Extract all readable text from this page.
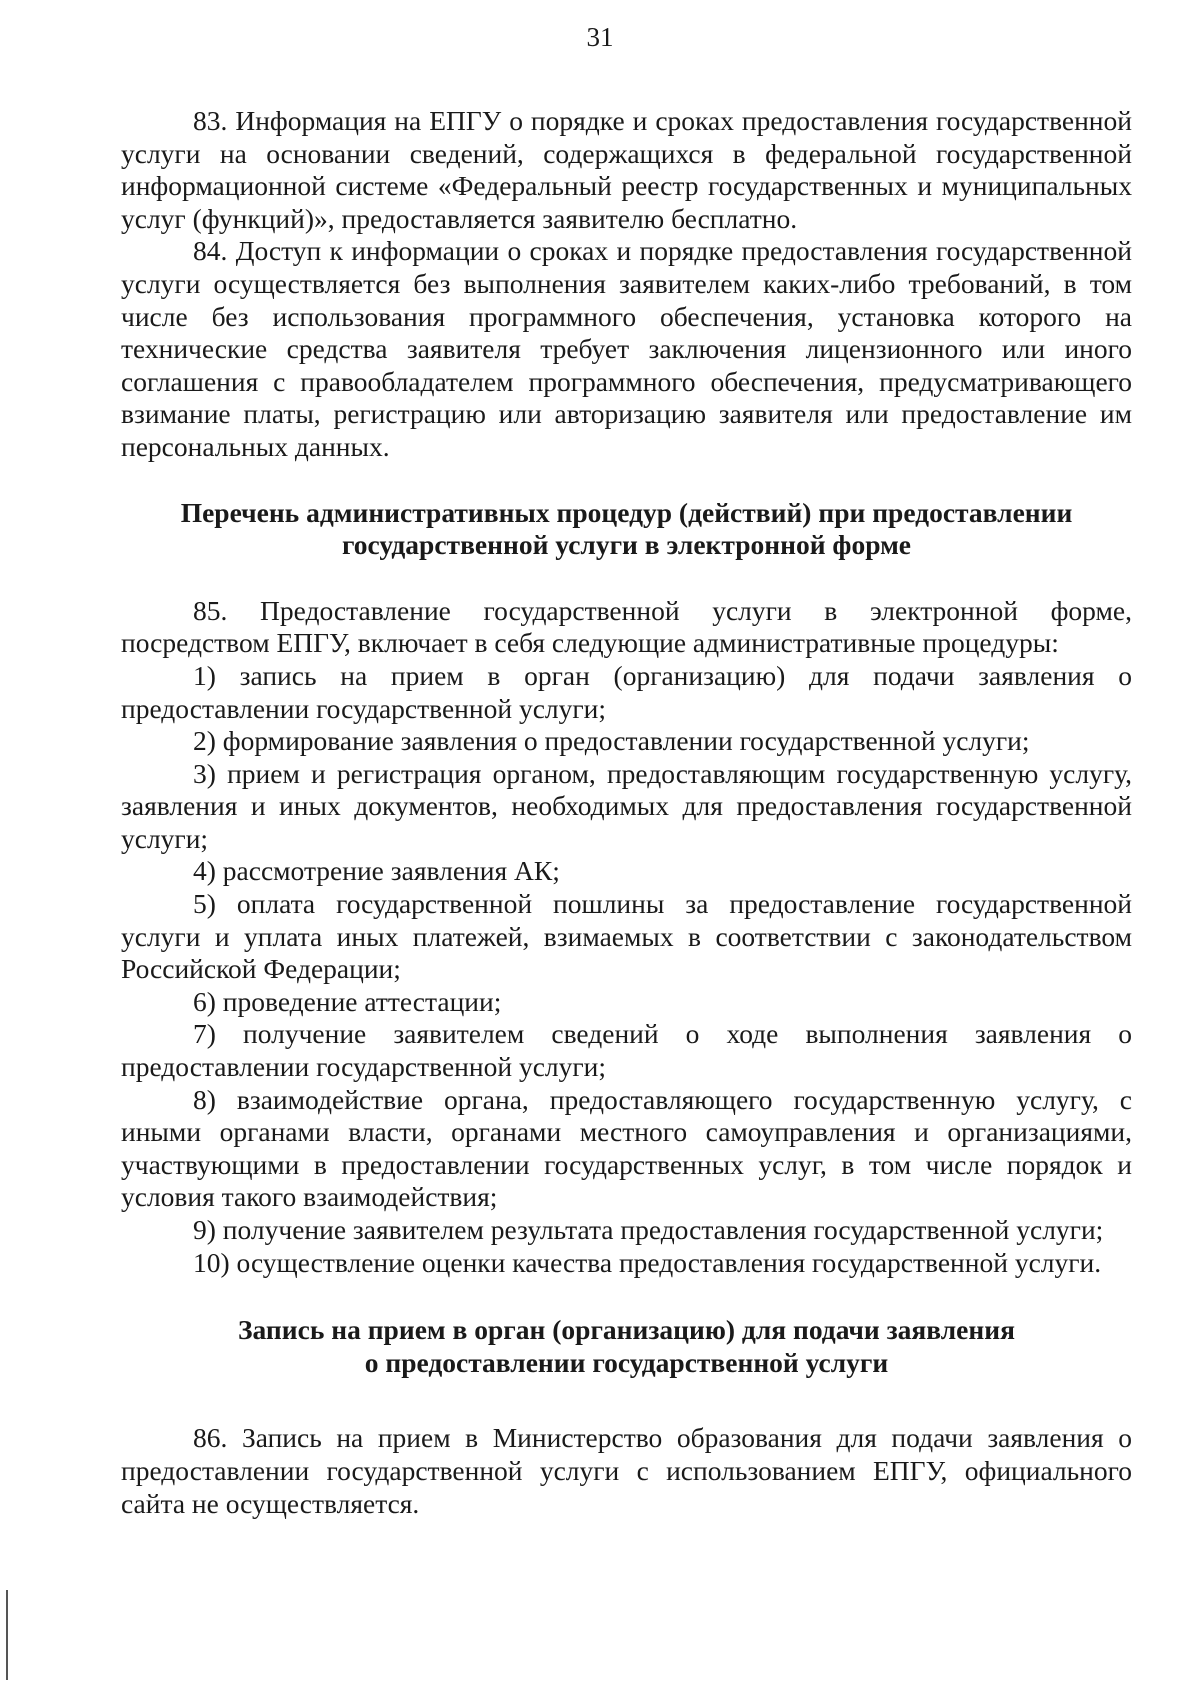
31

83. Информация на ЕПГУ о порядке и сроках предоставления государственной услуги на основании сведений, содержащихся в федеральной государственной информационной системе «Федеральный реестр государственных и муниципальных услуг (функций)», предоставляется заявителю бесплатно.

84. Доступ к информации о сроках и порядке предоставления государственной услуги осуществляется без выполнения заявителем каких-либо требований, в том числе без использования программного обеспечения, установка которого на технические средства заявителя требует заключения лицензионного или иного соглашения с правообладателем программного обеспечения, предусматривающего взимание платы, регистрацию или авторизацию заявителя или предоставление им персональных данных.

Перечень административных процедур (действий) при предоставлении
государственной услуги в электронной форме

85. Предоставление государственной услуги в электронной форме, посредством ЕПГУ, включает в себя следующие административные процедуры:

1) запись на прием в орган (организацию) для подачи заявления о предоставлении государственной услуги;

2) формирование заявления о предоставлении государственной услуги;

3) прием и регистрация органом, предоставляющим государственную услугу, заявления и иных документов, необходимых для предоставления государственной услуги;

4) рассмотрение заявления АК;

5) оплата государственной пошлины за предоставление государственной услуги и уплата иных платежей, взимаемых в соответствии с законодательством Российской Федерации;

6) проведение аттестации;

7) получение заявителем сведений о ходе выполнения заявления о предоставлении государственной услуги;

8) взаимодействие органа, предоставляющего государственную услугу, с иными органами власти, органами местного самоуправления и организациями, участвующими в предоставлении государственных услуг, в том числе порядок и условия такого взаимодействия;

9) получение заявителем результата предоставления государственной услуги;

10) осуществление оценки качества предоставления государственной услуги.

Запись на прием в орган (организацию) для подачи заявления
о предоставлении государственной услуги

86. Запись на прием в Министерство образования для подачи заявления о предоставлении государственной услуги с использованием ЕПГУ, официального сайта не осуществляется.
